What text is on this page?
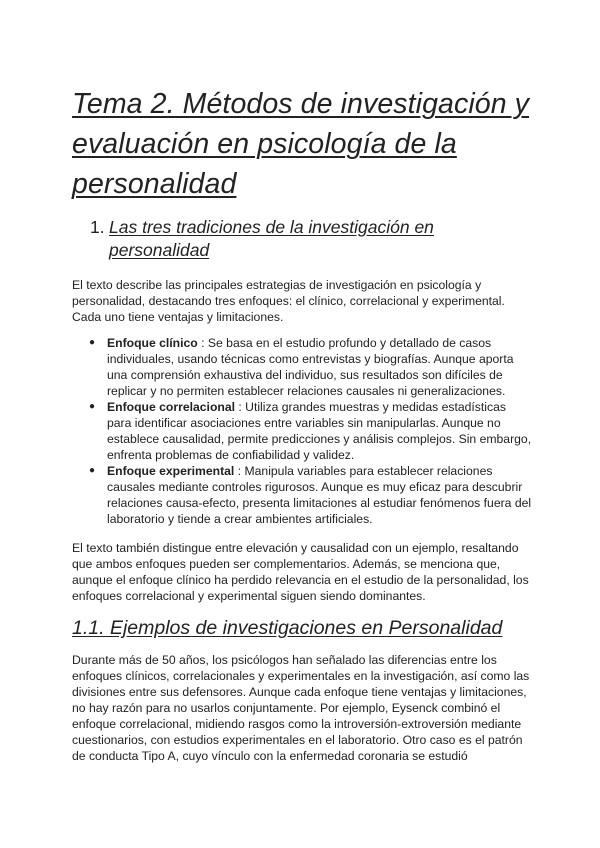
Tema 2. Métodos de investigación y evaluación en psicología de la personalidad
1. Las tres tradiciones de la investigación en personalidad

El texto describe las principales estrategias de investigación en psicología y personalidad, destacando tres enfoques: el clínico, correlacional y experimental. Cada uno tiene ventajas y limitaciones.

● Enfoque clínico : Se basa en el estudio profundo y detallado de casos individuales, usando técnicas como entrevistas y biografías. Aunque aporta una comprensión exhaustiva del individuo, sus resultados son difíciles de replicar y no permiten establecer relaciones causales ni generalizaciones.
● Enfoque correlacional : Utiliza grandes muestras y medidas estadísticas para identificar asociaciones entre variables sin manipularlas. Aunque no establece causalidad, permite predicciones y análisis complejos. Sin embargo, enfrenta problemas de confiabilidad y validez.
● Enfoque experimental : Manipula variables para establecer relaciones causales mediante controles rigurosos. Aunque es muy eficaz para descubrir relaciones causa-efecto, presenta limitaciones al estudiar fenómenos fuera del laboratorio y tiende a crear ambientes artificiales.

El texto también distingue entre elevación y causalidad con un ejemplo, resaltando que ambos enfoques pueden ser complementarios. Además, se menciona que, aunque el enfoque clínico ha perdido relevancia en el estudio de la personalidad, los enfoques correlacional y experimental siguen siendo dominantes.

1.1. Ejemplos de investigaciones en Personalidad

Durante más de 50 años, los psicólogos han señalado las diferencias entre los enfoques clínicos, correlacionales y experimentales en la investigación, así como las divisiones entre sus defensores. Aunque cada enfoque tiene ventajas y limitaciones, no hay razón para no usarlos conjuntamente. Por ejemplo, Eysenck combinó el enfoque correlacional, midiendo rasgos como la introversión-extroversión mediante cuestionarios, con estudios experimentales en el laboratorio. Otro caso es el patrón de conducta Tipo A, cuyo vínculo con la enfermedad coronaria se estudió
